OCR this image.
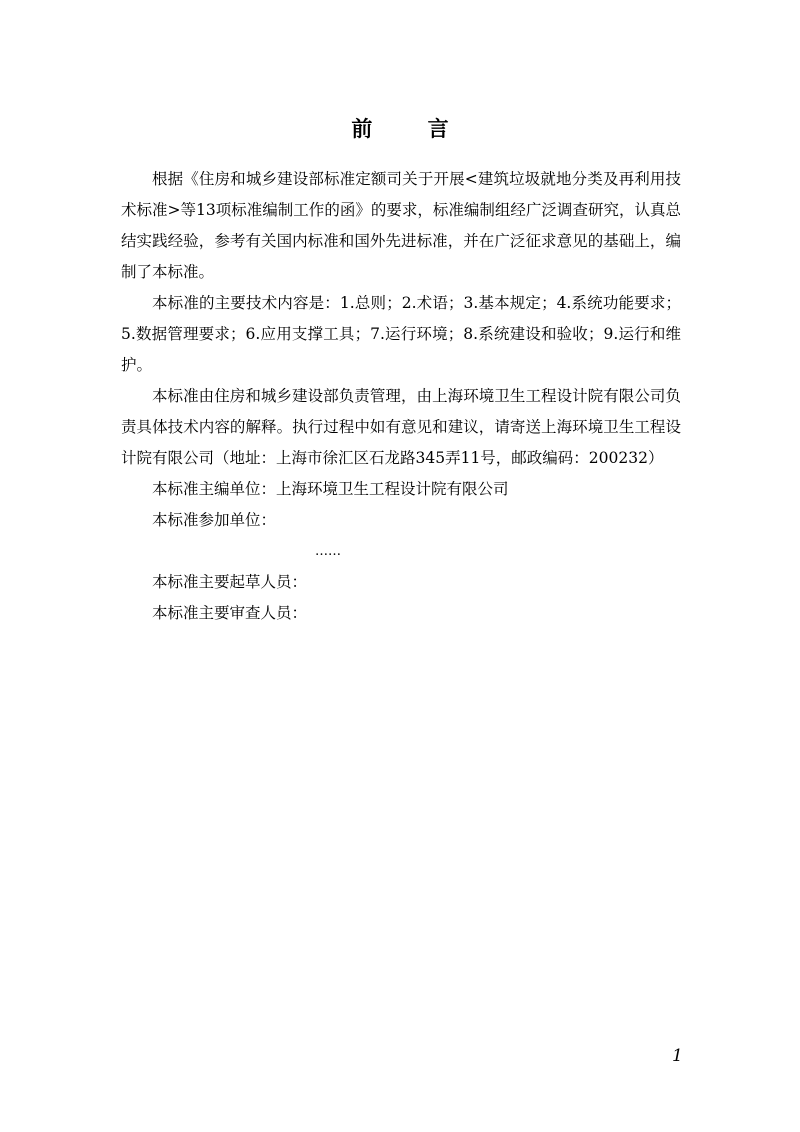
前 言

根据《住房和城乡建设部标准定额司关于开展<建筑垃圾就地分类及再利用技术标准>等13项标准编制工作的函》的要求，标准编制组经广泛调查研究，认真总结实践经验，参考有关国内标准和国外先进标准，并在广泛征求意见的基础上，编制了本标准。

本标准的主要技术内容是：1.总则；2.术语；3.基本规定；4.系统功能要求；5.数据管理要求；6.应用支撑工具；7.运行环境；8.系统建设和验收；9.运行和维护。

本标准由住房和城乡建设部负责管理，由上海环境卫生工程设计院有限公司负责具体技术内容的解释。执行过程中如有意见和建议，请寄送上海环境卫生工程设计院有限公司（地址：上海市徐汇区石龙路345弄11号，邮政编码：200232）

本标准主编单位：上海环境卫生工程设计院有限公司

本标准参加单位：

……

本标准主要起草人员：

本标准主要审查人员：

1
